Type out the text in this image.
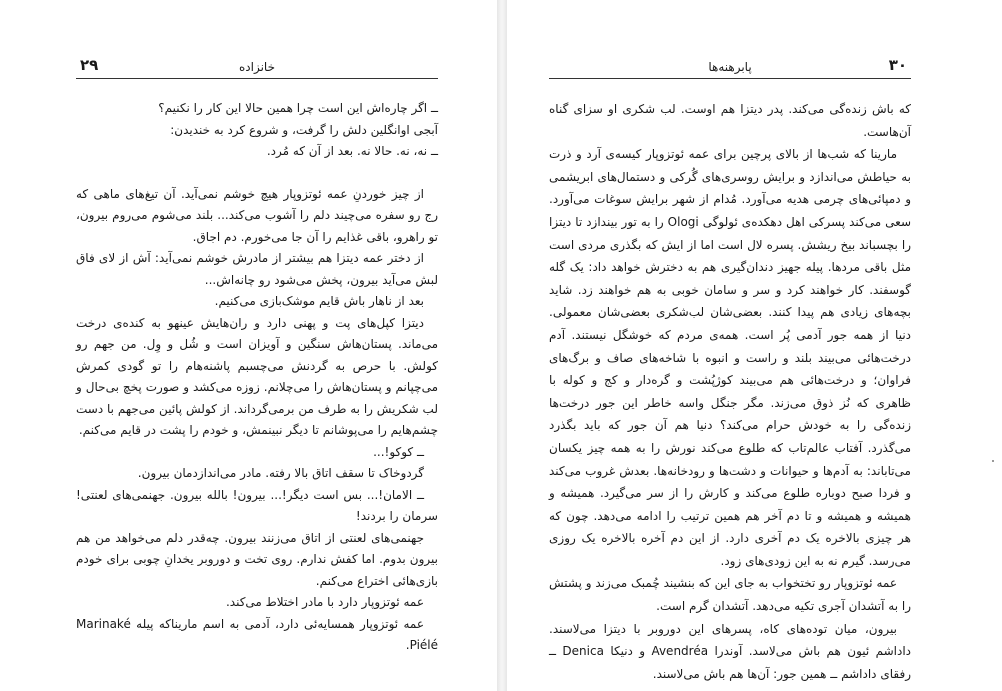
۲۹	خانزاده

ــ اگر چاره‌اش این است چرا همین حالا این کار را نکنیم؟

آبجی اوانگلین دلش را گرفت، و شروع کرد به خندیدن:

ــ نه، نه. حالا نه. بعد از آن که مُرد.

از چیز خوردنِ عمه ئوتزوپار هیچ خوشم نمی‌آید. آن تیغ‌های ماهی که رج رو سفره می‌چیند دلم را آشوب می‌کند... بلند می‌شوم می‌روم بیرون، تو راهرو، باقی غذایم را آن جا می‌خورم. دم اجاق.

از دختر عمه دیتزا هم بیشتر از مادرش خوشم نمی‌آید: آش از لای فاق لبش می‌آید بیرون، پخش می‌شود رو چانه‌اش...

بعد از ناهار باش قایم موشک‌بازی می‌کنیم.

دیتزا کپل‌های پت و پهنی دارد و ران‌هایش عینهو به کنده‌ی درخت می‌ماند. پستان‌هاش سنگین و آویزان است و شُل و وِل. من جهم رو کولش. با حرص به گردنش می‌چسبم پاشنه‌هام را تو گودی کمرش می‌چپانم و پستان‌هاش را می‌چلانم. زوزه می‌کشد و صورت پخچ بی‌حال و لب شکریش را به طرف من برمی‌گرداند. از کولش پائین می‌جهم با دست چشم‌هایم را می‌پوشانم تا دیگر نبینمش، و خودم را پشت در قایم می‌کنم.

ــ کوکو!...

گردوخاک تا سقف اتاق بالا رفته. مادر می‌اندازدمان بیرون.

ــ الامان!... بس است دیگر!... بیرون! بالله بیرون. جهنمی‌های لعنتی! سرمان را بردند!

جهنمی‌های لعنتی از اتاق می‌زنند بیرون. چه‌قدر دلم می‌خواهد من هم بیرون بدوم. اما کفش ندارم. روی تخت و دوروبر یخدانِ چوبی برای خودم بازی‌هائی اختراع می‌کنم.

عمه ئوتزوپار دارد با مادر اختلاط می‌کند.

عمه ئوتزوپار همسایه‌ئی دارد، آدمی به اسم مارینا‌که پیله Marinaké Piélé.

۳۰
پابرهنه‌ها

که باش زنده‌گی می‌کند. پدر دیتزا هم اوست. لب شکری او سزای گناه آن‌هاست.

مارینا که شب‌ها از بالای پرچین برای عمه ئوتزوپار کیسه‌ی آرد و ذرت به حیاطش می‌اندازد و برایش روسری‌های گُرکی و دستمال‌های ابریشمی و دمپائی‌های چرمی هدیه می‌آورد. مُدام از شهر برایش سوغات می‌آورد. سعی می‌کند پسرکی اهل دهکده‌ی ئولوگی Ologi را به تور بیندازد تا دیتزا را بچسباند بیخ ریشش. پسره لال است اما از ایش که بگذری مردی است مثل باقی مردها. پیله جهیز دندان‌گیری هم به دخترش خواهد داد: یک گله گوسفند. کار خواهند کرد و سر و سامان خوبی به هم خواهند زد. شاید بچه‌های زیادی هم پیدا کنند. بعضی‌شان لب‌شکری بعضی‌شان معمولی. دنیا از همه جور آدمی پُر است. همه‌ی مردم که خوشگل نیستند. آدم درخت‌هائی می‌بیند بلند و راست و انبوه با شاخه‌های صاف و برگ‌های فراوان؛ و درخت‌هائی هم می‌بیند کوژپُشت و گره‌دار و کج و کوله با ظاهری که نُز ذوق می‌زند. مگر جنگل واسه خاطر این جور درخت‌ها زنده‌گی را به خودش حرام می‌کند؟ دنیا هم آن جور که باید بگذرد می‌گذرد. آفتاب عالم‌تاب که طلوع می‌کند نورش را به همه چیز یکسان می‌تاباند: به آدم‌ها و حیوانات و دشت‌ها و رودخانه‌ها. بعدش غروب می‌کند و فردا صبح دوباره طلوع می‌کند و کارش را از سر می‌گیرد. همیشه و همیشه و همیشه و تا دم آخر هم همین ترتیب را ادامه می‌دهد. چون که هر چیزی بالاخره یک دم آخری دارد. از این دم آخره بالاخره یک روزی می‌رسد. گیرم نه به این زودی‌های زود.

عمه ئوتزوپار رو تختخواب به جای این که بنشیند چُمبک می‌زند و پشتش را به آتشدان آجری تکیه می‌دهد. آتشدان گرم است.

بیرون، میان توده‌های کاه، پسرهای این دوروبر با دیتزا می‌لاسند. داداشم ئیون هم باش می‌لاسد. آوندرا Avendréa و دنیکا Denica ــ رفقای داداشم ــ همین جور: آن‌ها هم باش می‌لاسند.
